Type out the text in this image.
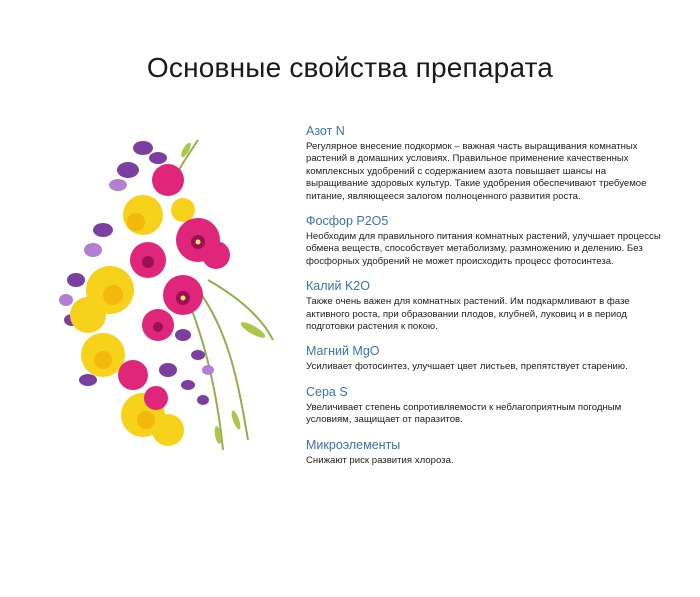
Основные свойства препарата
Азот N

Регулярное внесение подкормок – важная часть выращивания комнатных растений в домашних условиях. Правильное применение качественных комплексных удобрений с содержанием азота повышает шансы на выращивание здоровых культур. Такие удобрения обеспечивают требуемое питание, являющееся залогом полноценного развития роста.

Фосфор P2O5

Необходим для правильного питания комнатных растений, улучшает процессы обмена веществ, способствует метаболизму, размножению и делению. Без фосфорных удобрений не может происходить процесс фотосинтеза.

Калий K2O

Также очень важен для комнатных растений. Им подкармливают в фазе активного роста, при образовании плодов, клубней, луковиц и в период подготовки растения к покою.

Магний MgO

Усиливает фотосинтез, улучшает цвет листьев, препятствует старению.

Сера S

Увеличивает степень сопротивляемости к неблагоприятным погодным условиям, защищает от паразитов.

Микроэлементы

Снижают риск развития хлороза.
